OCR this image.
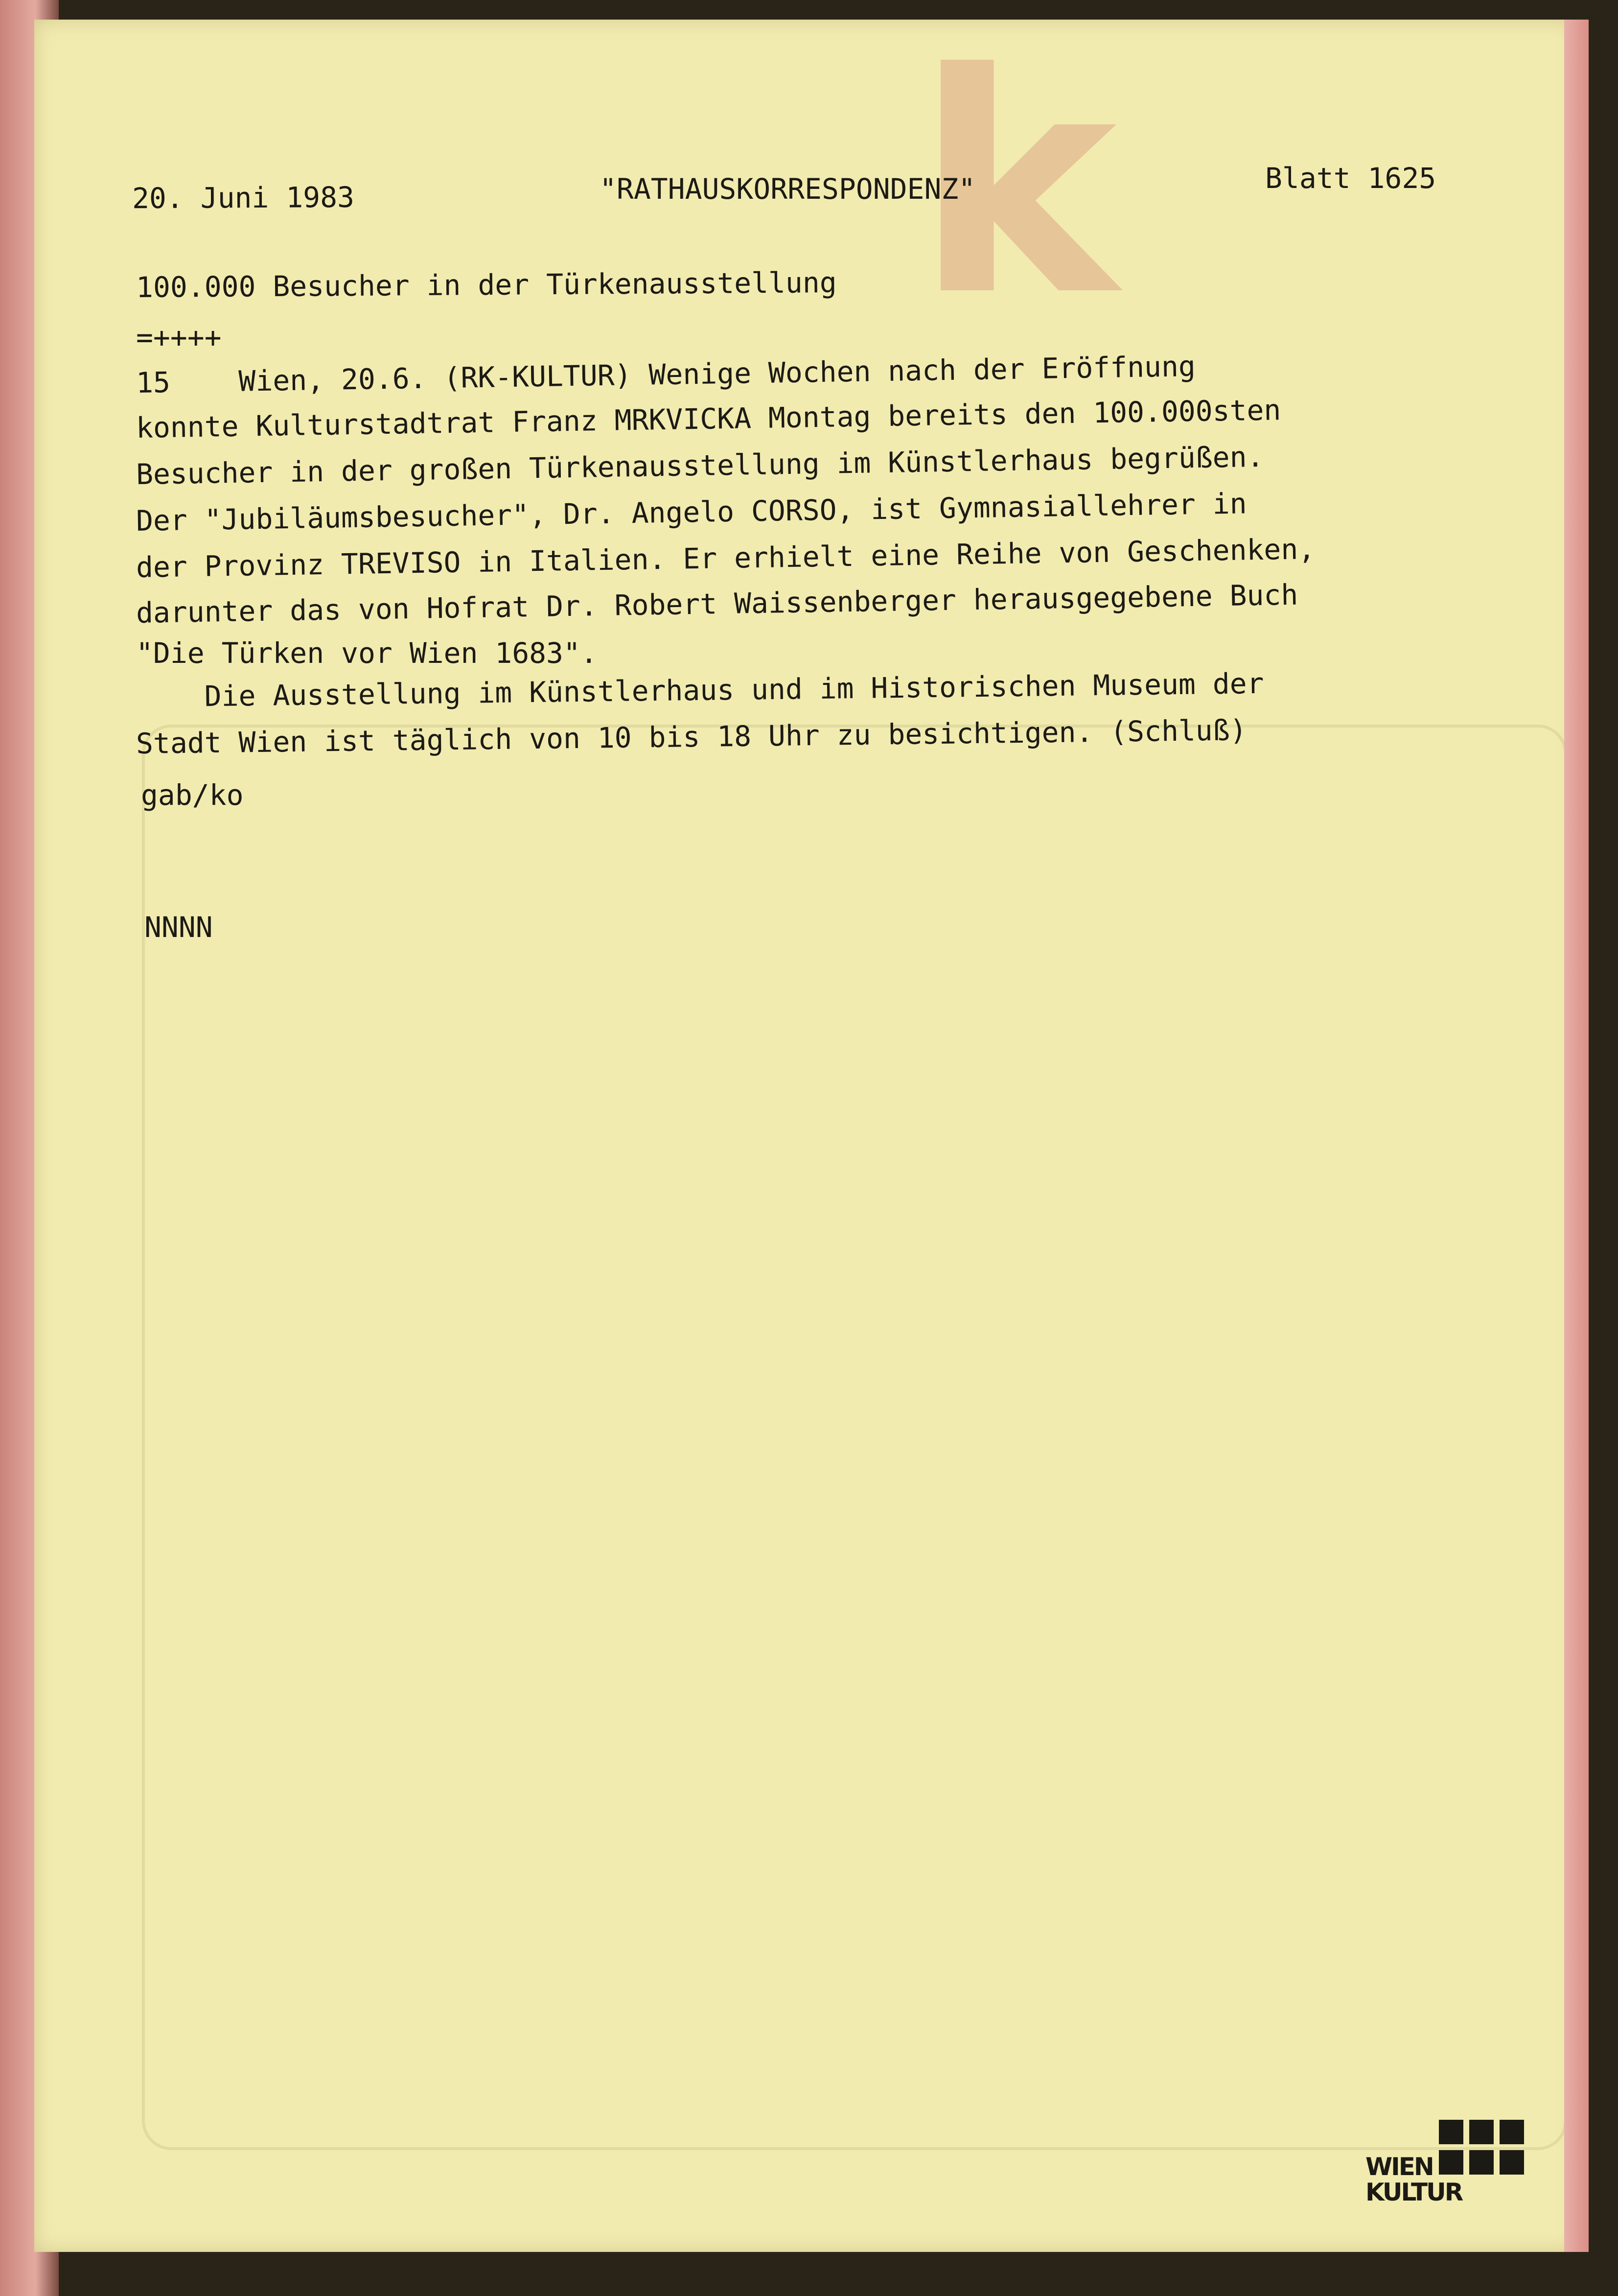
k
20. Juni 1983	"RATHAUSKORRESPONDENZ"	Blatt 1625
100.000 Besucher in der Türkenausstellung
=++++
15    Wien, 20.6. (RK-KULTUR) Wenige Wochen nach der Eröffnung
konnte Kulturstadtrat Franz MRKVICKA Montag bereits den 100.000sten
Besucher in der großen Türkenausstellung im Künstlerhaus begrüßen.
Der "Jubiläumsbesucher", Dr. Angelo CORSO, ist Gymnasiallehrer in
der Provinz TREVISO in Italien. Er erhielt eine Reihe von Geschenken,
darunter das von Hofrat Dr. Robert Waissenberger herausgegebene Buch
"Die Türken vor Wien 1683".
Die Ausstellung im Künstlerhaus und im Historischen Museum der
Stadt Wien ist täglich von 10 bis 18 Uhr zu besichtigen. (Schluß)
gab/ko
NNNN
WIEN
KULTUR
